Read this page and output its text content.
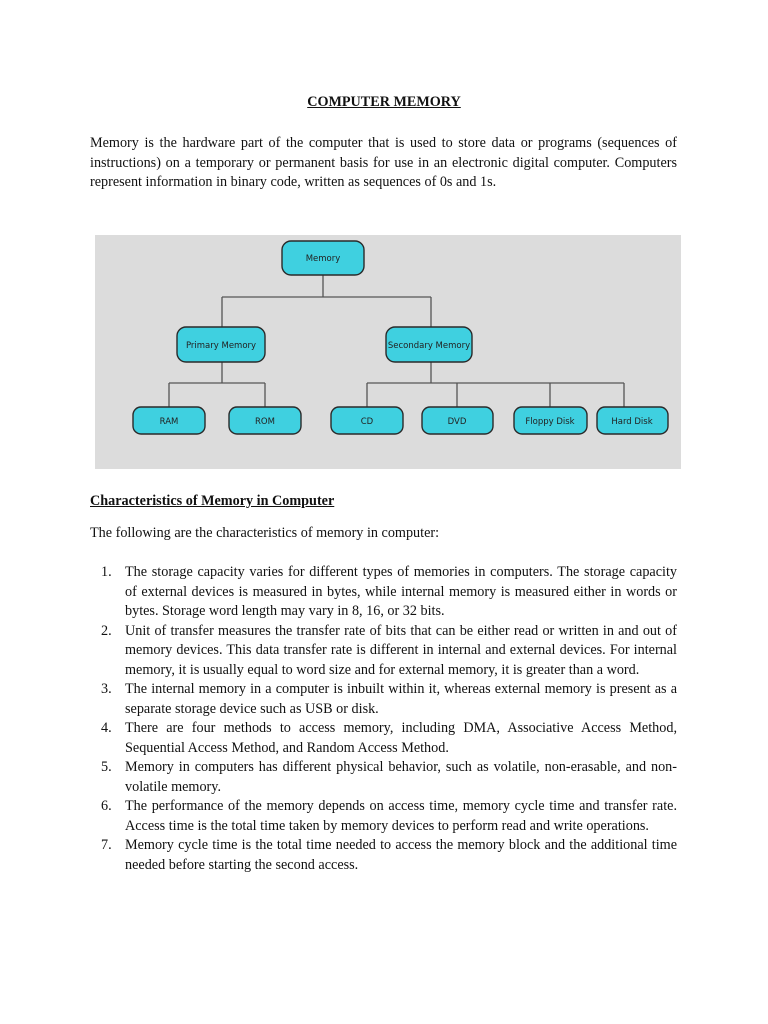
COMPUTER MEMORY

Memory is the hardware part of the computer that is used to store data or programs (sequences of instructions) on a temporary or permanent basis for use in an electronic digital computer. Computers represent information in binary code, written as sequences of 0s and 1s.

Memory
Primary Memory	Secondary Memory
RAM	ROM	CD	DVD	Floppy Disk	Hard Disk

Characteristics of Memory in Computer

The following are the characteristics of memory in computer:

1. The storage capacity varies for different types of memories in computers. The storage capacity of external devices is measured in bytes, while internal memory is measured either in words or bytes. Storage word length may vary in 8, 16, or 32 bits.
2. Unit of transfer measures the transfer rate of bits that can be either read or written in and out of memory devices. This data transfer rate is different in internal and external devices. For internal memory, it is usually equal to word size and for external memory, it is greater than a word.
3. The internal memory in a computer is inbuilt within it, whereas external memory is present as a separate storage device such as USB or disk.
4. There are four methods to access memory, including DMA, Associative Access Method, Sequential Access Method, and Random Access Method.
5. Memory in computers has different physical behavior, such as volatile, non-erasable, and non-volatile memory.
6. The performance of the memory depends on access time, memory cycle time and transfer rate. Access time is the total time taken by memory devices to perform read and write operations.
7. Memory cycle time is the total time needed to access the memory block and the additional time needed before starting the second access.
